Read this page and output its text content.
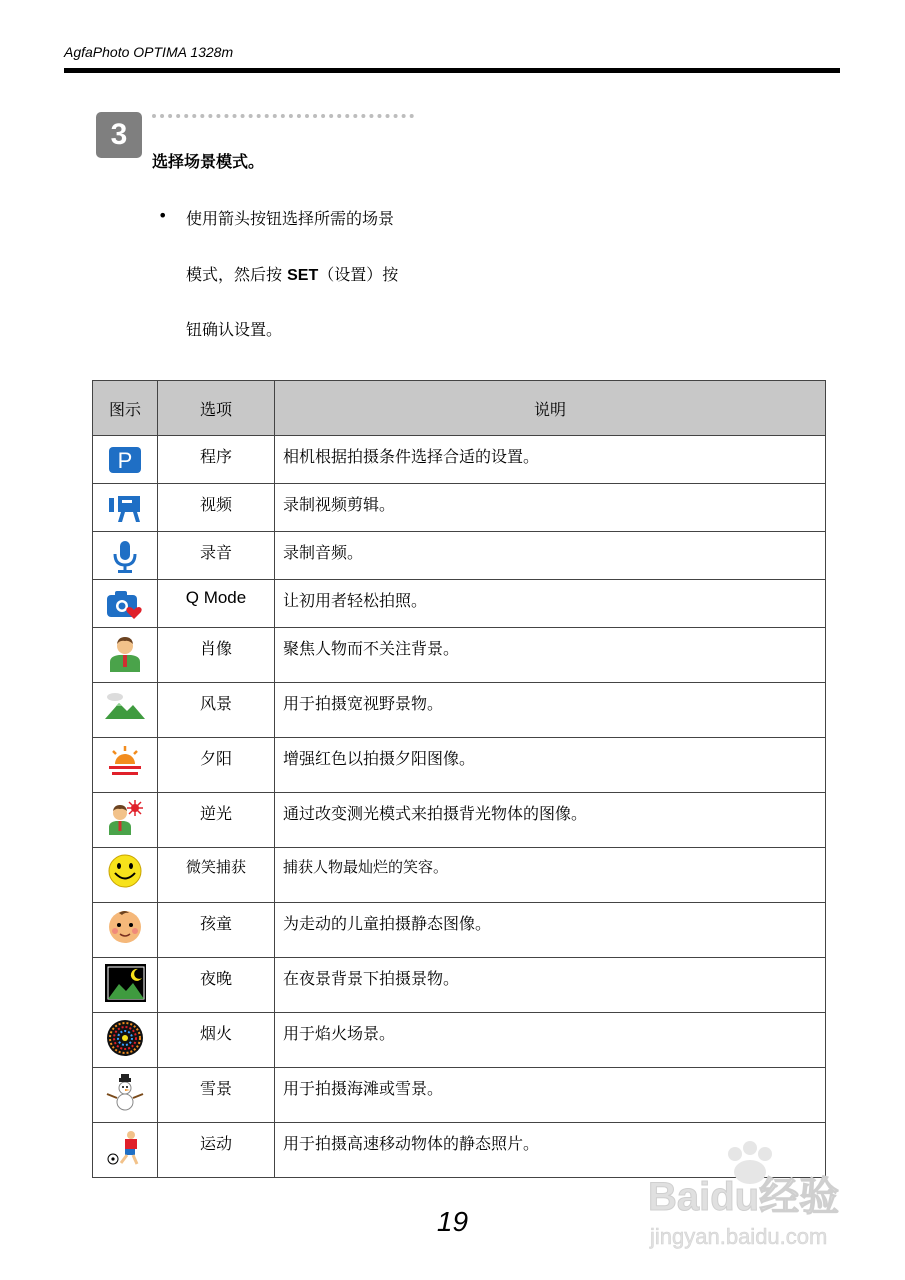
AgfaPhoto OPTIMA 1328m
3
选择场景模式。
• 使用箭头按钮选择所需的场景
模式，然后按 SET（设置）按
钮确认设置。
图示	选项	说明

P	程序	相机根据拍摄条件选择合适的设置。

	视频	录制视频剪辑。

	录音	录制音频。

	Q Mode	让初用者轻松拍照。

	肖像	聚焦人物而不关注背景。

	风景	用于拍摄宽视野景物。

	夕阳	增强红色以拍摄夕阳图像。

	逆光	通过改变测光模式来拍摄背光物体的图像。

	微笑捕获	捕获人物最灿烂的笑容。

	孩童	为走动的儿童拍摄静态图像。

	夜晚	在夜景背景下拍摄景物。

	烟火	用于焰火场景。

	雪景	用于拍摄海滩或雪景。

	运动	用于拍摄高速移动物体的静态照片。
19
Baidu经验
jingyan.baidu.com
